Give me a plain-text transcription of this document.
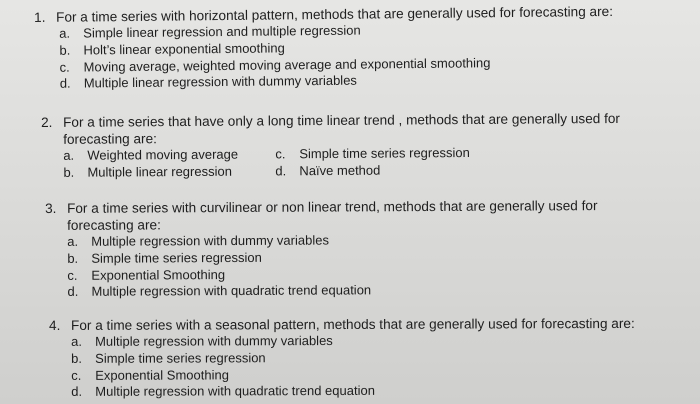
1. For a time series with horizontal pattern, methods that are generally used for forecasting are:
a. Simple linear regression and multiple regression
b. Holt’s linear exponential smoothing
c.	Moving average, weighted moving average and exponential smoothing
d. Multiple linear regression with dummy variables
2. For a time series that have only a long time linear trend , methods that are generally used for
forecasting are:
a.	Weighted moving average	c.	Simple time series regression
b.	Multiple linear regression	d.	Naïve method
3. For a time series with curvilinear or non linear trend, methods that are generally used for
forecasting are:
a.	Multiple regression with dummy variables
b.	Simple time series regression
c.	Exponential Smoothing
d.	Multiple regression with quadratic trend equation
4. For a time series with a seasonal pattern, methods that are generally used for forecasting are:
a.	Multiple regression with dummy variables
b.	Simple time series regression
c.	Exponential Smoothing
d.	Multiple regression with quadratic trend equation
